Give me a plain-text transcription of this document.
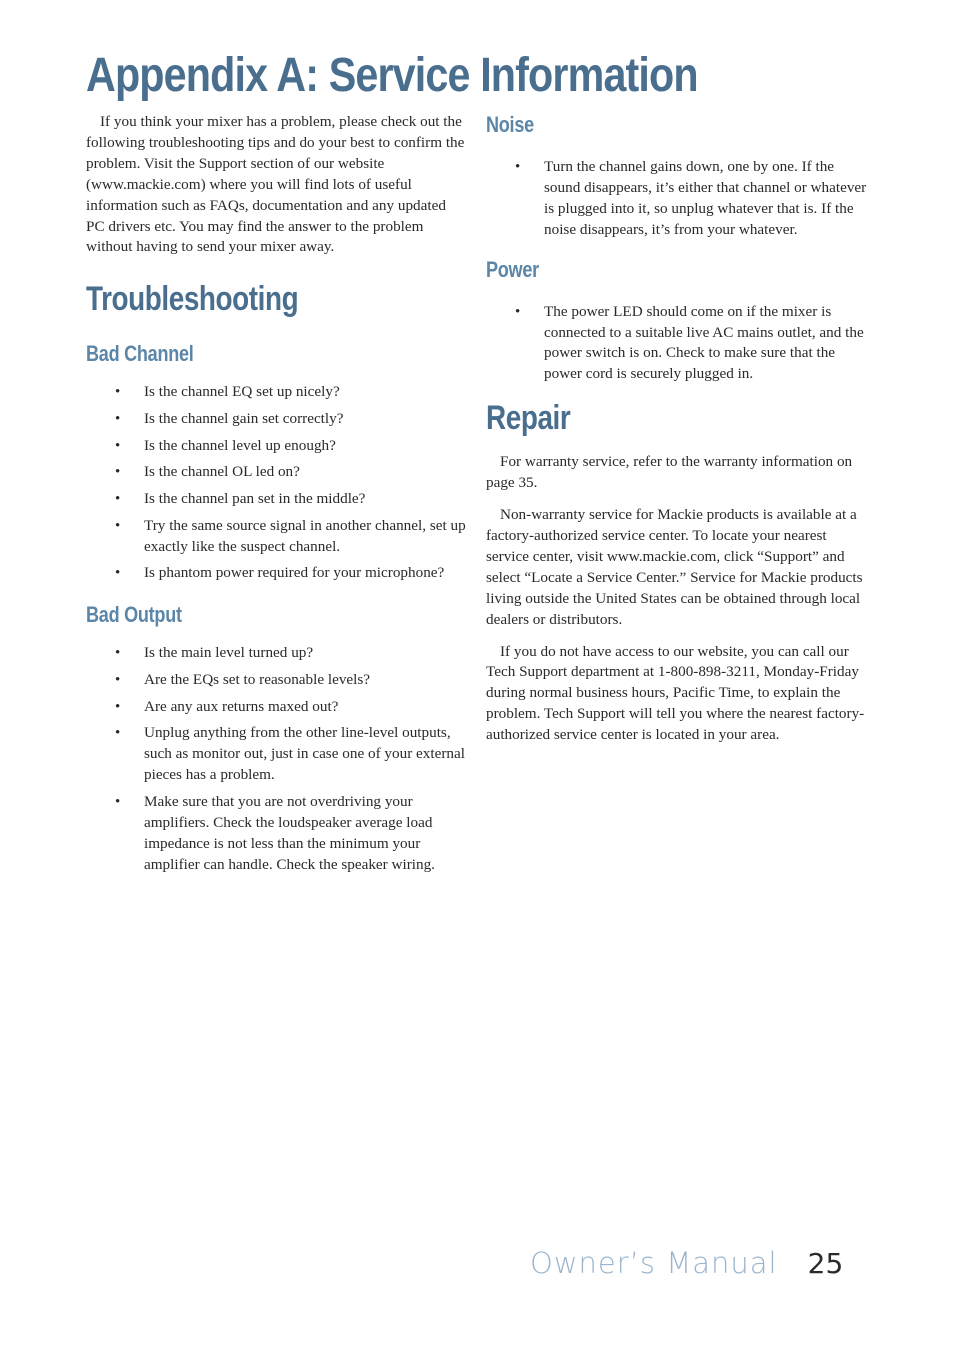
Appendix A: Service Information

If you think your mixer has a problem, please check out the following troubleshooting tips and do your best to confirm the problem. Visit the Support section of our website (www.mackie.com) where you will find lots of useful information such as FAQs, documentation and any updated PC drivers etc. You may find the answer to the problem without having to send your mixer away.

Troubleshooting
Bad Channel
• Is the channel EQ set up nicely?
• Is the channel gain set correctly?
• Is the channel level up enough?
• Is the channel OL led on?
• Is the channel pan set in the middle?
• Try the same source signal in another channel, set up exactly like the suspect channel.
• Is phantom power required for your microphone?
Bad Output
• Is the main level turned up?
• Are the EQs set to reasonable levels?
• Are any aux returns maxed out?
• Unplug anything from the other line-level outputs, such as monitor out, just in case one of your external pieces has a problem.
• Make sure that you are not overdriving your amplifiers. Check the loudspeaker average load impedance is not less than the minimum your amplifier can handle. Check the speaker wiring.
Noise
• Turn the channel gains down, one by one. If the sound disappears, it’s either that channel or whatever is plugged into it, so unplug whatever that is. If the noise disappears, it’s from your whatever.
Power
• The power LED should come on if the mixer is connected to a suitable live AC mains outlet, and the power switch is on. Check to make sure that the power cord is securely plugged in.
Repair

For warranty service, refer to the warranty information on page 35.

Non-warranty service for Mackie products is available at a factory-authorized service center. To locate your nearest service center, visit www.mackie.com, click “Support” and select “Locate a Service Center.” Service for Mackie products living outside the United States can be obtained through local dealers or distributors.

If you do not have access to our website, you can call our Tech Support department at 1-800-898-3211, Monday-Friday during normal business hours, Pacific Time, to explain the problem. Tech Support will tell you where the nearest factory-authorized service center is located in your area.

Owner’s Manual 25
